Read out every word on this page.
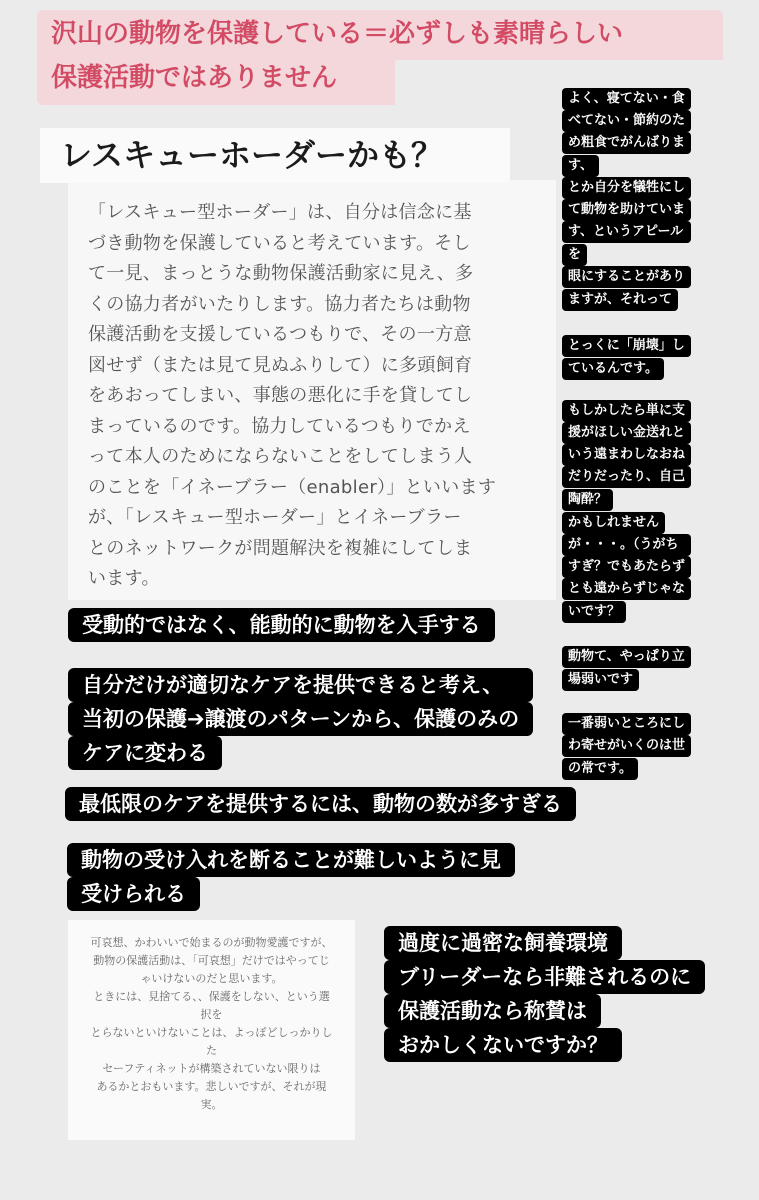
沢山の動物を保護している＝必ずしも素晴らしい
保護活動ではありません
レスキューホーダーかも？
「レスキュー型ホーダー」は、自分は信念に基
づき動物を保護していると考えています。そし
て一見、まっとうな動物保護活動家に見え、多
くの協力者がいたりします。協力者たちは動物
保護活動を支援しているつもりで、その一方意
図せず（または見て見ぬふりして）に多頭飼育
をあおってしまい、事態の悪化に手を貸してし
まっているのです。協力しているつもりでかえ
って本人のためにならないことをしてしまう人
のことを「イネーブラー（enabler）」といいます
が、「レスキュー型ホーダー」とイネーブラー
とのネットワークが問題解決を複雑にしてしま
よく、寝てない・食
べてない・節約のた
め粗食でがんばりま
す、
とか自分を犠牲にし
て動物を助けていま
す、というアピール
を
眼にすることがあり
ますが、それって
とっくに「崩壊」し
ているんです。
もしかしたら単に支
援がほしい金送れと
いう遠まわしなおね
だりだったり、自己
陶酔？
かもしれません
が・・・。（うがち
すぎ？でもあたらず
とも遠からずじゃな
いです？
動物て、やっぱり立
場弱いです
一番弱いところにし
わ寄せがいくのは世
の常です。
受動的ではなく、能動的に動物を入手する
自分だけが適切なケアを提供できると考え、
当初の保護➔譲渡のパターンから、保護のみの
ケアに変わる
最低限のケアを提供するには、動物の数が多すぎる
動物の受け入れを断ることが難しいように見
受けられる
過度に過密な飼養環境
ブリーダーなら非難されるのに
保護活動なら称賛は
おかしくないですか？
可哀想、かわいいで始まるのが動物愛護ですが、
動物の保護活動は、「可哀想」だけではやってじ
ゃいけないのだと思います。
ときには、見捨てる、、保護をしない、という選
択を
とらないといけないことは、よっぽどしっかりし
た
セーフティネットが構築されていない限りは
あるかとおもいます。悲しいですが、それが現
実。
